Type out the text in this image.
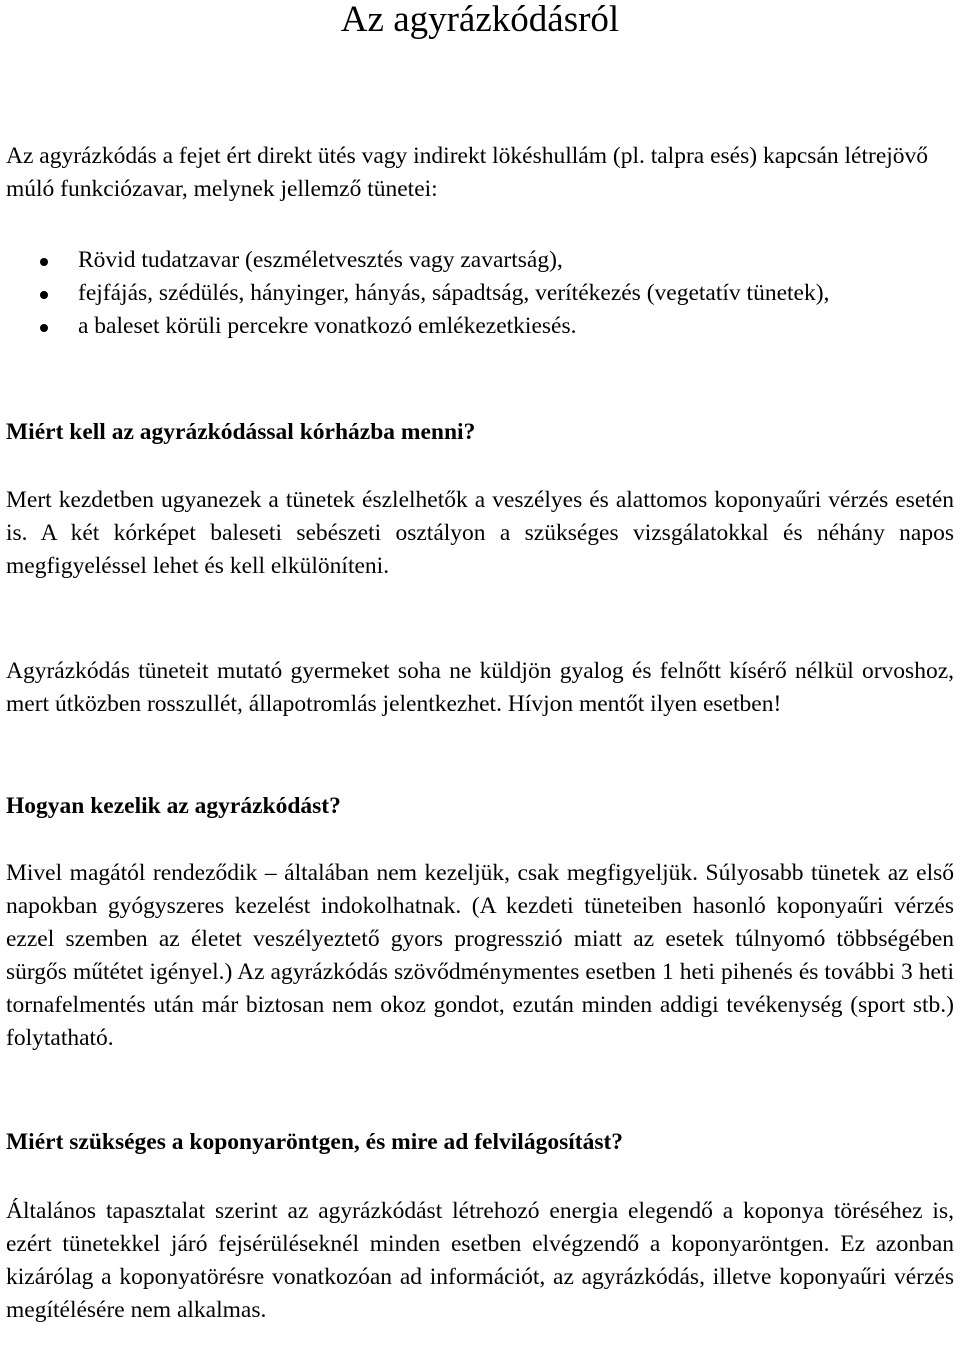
Az agyrázkódásról

Az agyrázkódás a fejet ért direkt ütés vagy indirekt lökéshullám (pl. talpra esés) kapcsán létrejövő múló funkciózavar, melynek jellemző tünetei:

Rövid tudatzavar (eszméletvesztés vagy zavartság),
fejfájás, szédülés, hányinger, hányás, sápadtság, verítékezés (vegetatív tünetek),
a baleset körüli percekre vonatkozó emlékezetkiesés.

Miért kell az agyrázkódással kórházba menni?

Mert kezdetben ugyanezek a tünetek észlelhetők a veszélyes és alattomos koponyaűri vérzés esetén is. A két kórképet baleseti sebészeti osztályon a szükséges vizsgálatokkal és néhány napos megfigyeléssel lehet és kell elkülöníteni.

Agyrázkódás tüneteit mutató gyermeket soha ne küldjön gyalog és felnőtt kísérő nélkül orvoshoz, mert útközben rosszullét, állapotromlás jelentkezhet. Hívjon mentőt ilyen esetben!

Hogyan kezelik az agyrázkódást?

Mivel magától rendeződik – általában nem kezeljük, csak megfigyeljük. Súlyosabb tünetek az első napokban gyógyszeres kezelést indokolhatnak. (A kezdeti tüneteiben hasonló koponyaűri vérzés ezzel szemben az életet veszélyeztető gyors progresszió miatt az esetek túlnyomó többségében sürgős műtétet igényel.) Az agyrázkódás szövődménymentes esetben 1 heti pihenés és további 3 heti tornafelmentés után már biztosan nem okoz gondot, ezután minden addigi tevékenység (sport stb.) folytatható.

Miért szükséges a koponyaröntgen, és mire ad felvilágosítást?

Általános tapasztalat szerint az agyrázkódást létrehozó energia elegendő a koponya töréséhez is, ezért tünetekkel járó fejsérüléseknél minden esetben elvégzendő a koponyaröntgen. Ez azonban kizárólag a koponyatörésre vonatkozóan ad információt, az agyrázkódás, illetve koponyaűri vérzés megítélésére nem alkalmas.
